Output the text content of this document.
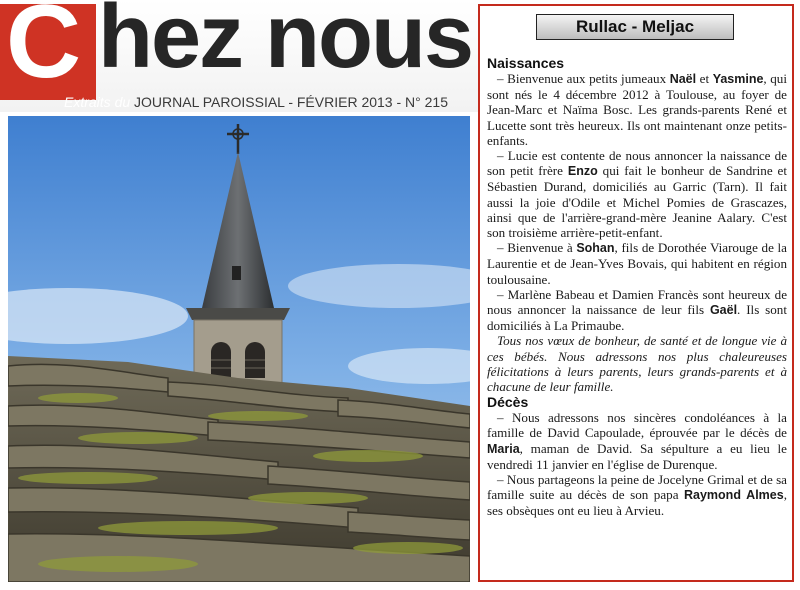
C hez nous
Extraits du JOURNAL PAROISSIAL - FÉVRIER 2013 - N° 215
Rullac - Meljac
Naissances

– Bienvenue aux petits jumeaux Naël et Yasmine, qui sont nés le 4 décembre 2012 à Toulouse, au foyer de Jean-Marc et Naïma Bosc. Les grands-parents René et Lucette sont très heureux. Ils ont maintenant onze petits-enfants.

– Lucie est contente de nous annoncer la naissance de son petit frère Enzo qui fait le bonheur de Sandrine et Sébastien Durand, domiciliés au Garric (Tarn). Il fait aussi la joie d'Odile et Michel Pomies de Grascazes, ainsi que de l'arrière-grand-mère Jeanine Aalary. C'est son troisième arrière-petit-enfant.

– Bienvenue à Sohan, fils de Dorothée Viarouge de la Laurentie et de Jean-Yves Bovais, qui habitent en région toulousaine.

– Marlène Babeau et Damien Francès sont heureux de nous annoncer la naissance de leur fils Gaël. Ils sont domiciliés à La Primaube.

Tous nos vœux de bonheur, de santé et de longue vie à ces bébés. Nous adressons nos plus chaleureuses félicitations à leurs parents, leurs grands-parents et à chacune de leur famille.

Décès

– Nous adressons nos sincères condoléances à la famille de David Capoulade, éprouvée par le décès de Maria, maman de David. Sa sépulture a eu lieu le vendredi 11 janvier en l'église de Durenque.

– Nous partageons la peine de Jocelyne Grimal et de sa famille suite au décès de son papa Raymond Almes, ses obsèques ont eu lieu à Arvieu.
